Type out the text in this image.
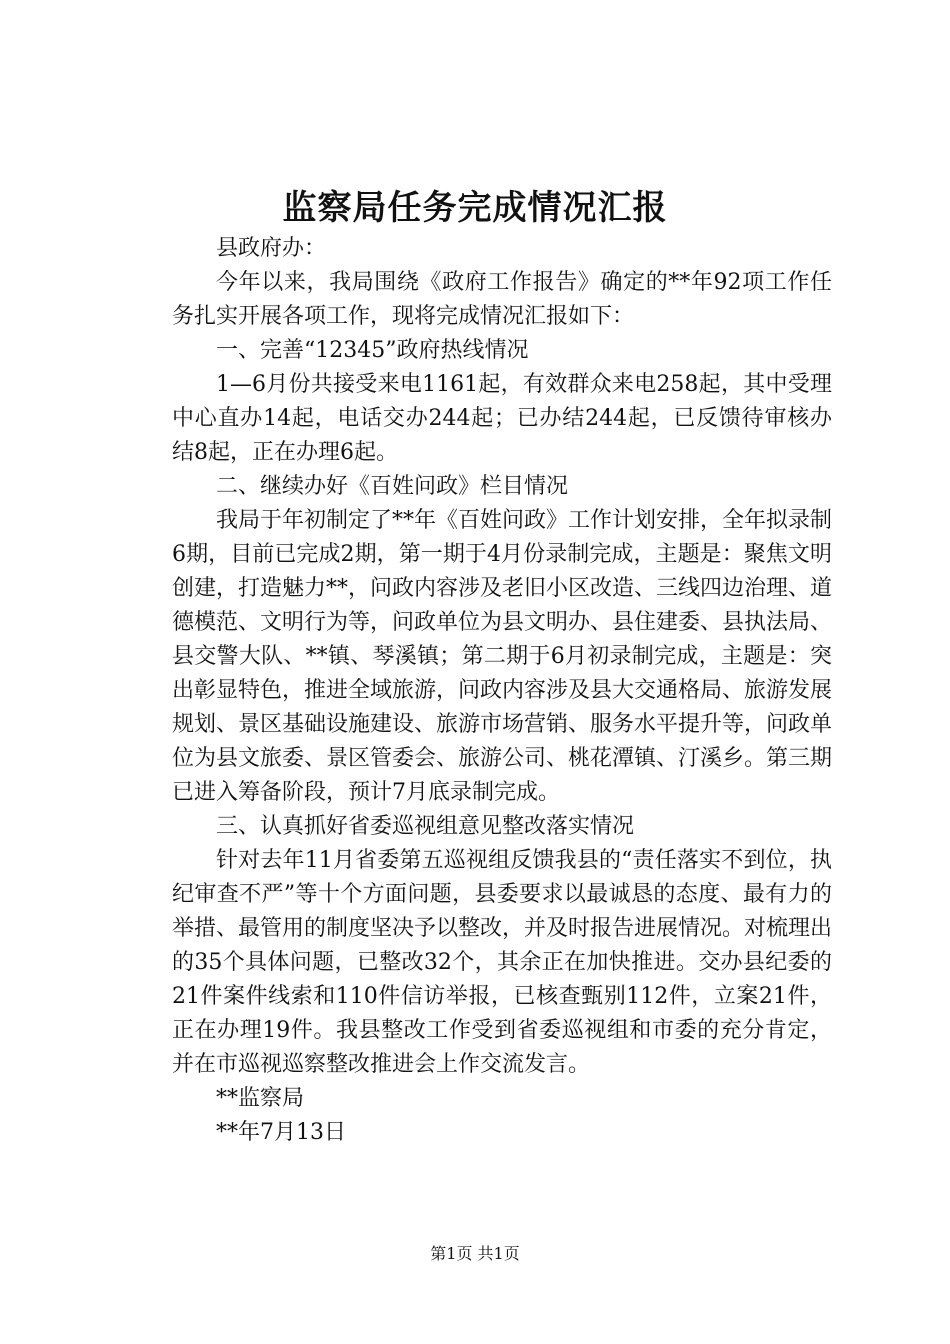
监察局任务完成情况汇报

县政府办：

今年以来，我局围绕《政府工作报告》确定的**年92项工作任务扎实开展各项工作，现将完成情况汇报如下：

一、完善“12345”政府热线情况

1—6月份共接受来电1161起，有效群众来电258起，其中受理中心直办14起，电话交办244起；已办结244起，已反馈待审核办结8起，正在办理6起。

二、继续办好《百姓问政》栏目情况

我局于年初制定了**年《百姓问政》工作计划安排，全年拟录制6期，目前已完成2期，第一期于4月份录制完成，主题是：聚焦文明创建，打造魅力**，问政内容涉及老旧小区改造、三线四边治理、道德模范、文明行为等，问政单位为县文明办、县住建委、县执法局、县交警大队、**镇、琴溪镇；第二期于6月初录制完成，主题是：突出彰显特色，推进全域旅游，问政内容涉及县大交通格局、旅游发展规划、景区基础设施建设、旅游市场营销、服务水平提升等，问政单位为县文旅委、景区管委会、旅游公司、桃花潭镇、汀溪乡。第三期已进入筹备阶段，预计7月底录制完成。

三、认真抓好省委巡视组意见整改落实情况

针对去年11月省委第五巡视组反馈我县的“责任落实不到位，执纪审查不严”等十个方面问题，县委要求以最诚恳的态度、最有力的举措、最管用的制度坚决予以整改，并及时报告进展情况。对梳理出的35个具体问题，已整改32个，其余正在加快推进。交办县纪委的21件案件线索和110件信访举报，已核查甄别112件，立案21件，正在办理19件。我县整改工作受到省委巡视组和市委的充分肯定，并在市巡视巡察整改推进会上作交流发言。

**监察局

**年7月13日

第1页 共1页
